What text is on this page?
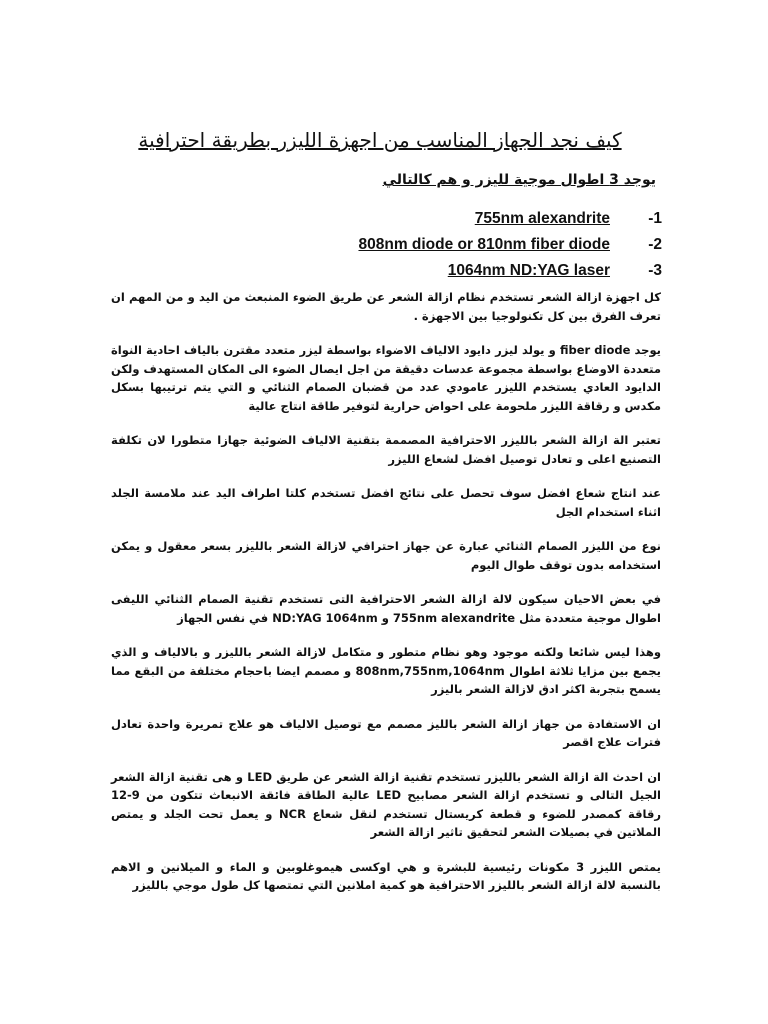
كيف نجد الجهاز المناسب من اجهزة الليزر بطريقة احترافية
يوجد 3 اطوال موجية لليزر و هم كالتالي
755nm alexandrite	-1
808nm diode or 810nm fiber diode	-2
1064nm ND:YAG laser	-3

كل اجهزة ازالة الشعر تستخدم نظام ازالة الشعر عن طريق الضوء المنبعث من اليد و من المهم ان تعرف الفرق بين كل تكنولوجيا بين الاجهزة .

يوجد fiber diode و يولد ليزر دايود الالياف الاضواء بواسطة ليزر متعدد مقترن بالياف احادية النواة متعددة الاوضاع بواسطة مجموعة عدسات دقيقة من اجل ايصال الضوء الى المكان المستهدف ولكن الدايود العادي يستخدم الليزر عامودي عدد من قضبان الصمام الثنائي و التي يتم ترتيبها بسكل مكدس و رقاقة الليزر ملحومة على احواض حرارية لتوفير طاقة انتاج عالية

تعتبر الة ازالة الشعر بالليزر الاحترافية المصممة بتقنية الالياف الضوئية جهازا متطورا لان تكلفة التصنيع اعلى و تعادل توصيل افضل لشعاع الليزر

عند انتاج شعاع افضل سوف تحصل على نتائج افضل تستخدم كلتا اطراف اليد عند ملامسة الجلد اثناء استخدام الجل

نوع من الليزر الصمام الثنائي عبارة عن جهاز احترافي لازالة الشعر بالليزر بسعر معقول و يمكن استخدامه بدون توقف طوال اليوم

في بعض الاحيان سيكون لالة ازالة الشعر الاحترافية التى تستخدم تقنية الصمام الثنائي الليفى اطوال موجية متعددة مثل 755nm alexandrite و ND:YAG 1064nm في نفس الجهاز

وهذا ليس شائعا ولكنه موجود وهو نظام متطور و متكامل لازالة الشعر بالليزر و بالالياف و الذي يجمع بين مزايا ثلاثة اطوال 808nm,755nm,1064nm و مصمم ايضا باحجام مختلفة من البقع مما يسمح بتجربة اكثر ادق لازالة الشعر باليزر

ان الاستفادة من جهاز ازالة الشعر بالليز مصمم مع توصيل الالياف هو علاج تمريرة واحدة تعادل فترات علاج اقصر

ان احدث الة ازالة الشعر بالليزر تستخدم تقنية ازالة الشعر عن طريق LED و هى تقنية ازالة الشعر الجيل التالى و تستخدم ازالة الشعر مصابيح LED عالية الطاقة فائقة الانبعاث تتكون من 9-12 رقاقة كمصدر للضوء و قطعة كريستال تستخدم لنقل شعاع NCR و يعمل تحت الجلد و يمتص الملاتين في بصيلات الشعر لتحقيق تاثير ازالة الشعر

يمتص الليزر 3 مكونات رئيسية للبشرة و هي اوكسى هيموغلوبين و الماء و الميلانين و الاهم بالنسبة لالة ازالة الشعر بالليزر الاحترافية هو كمية املانين التي تمتصها كل طول موجي بالليزر
